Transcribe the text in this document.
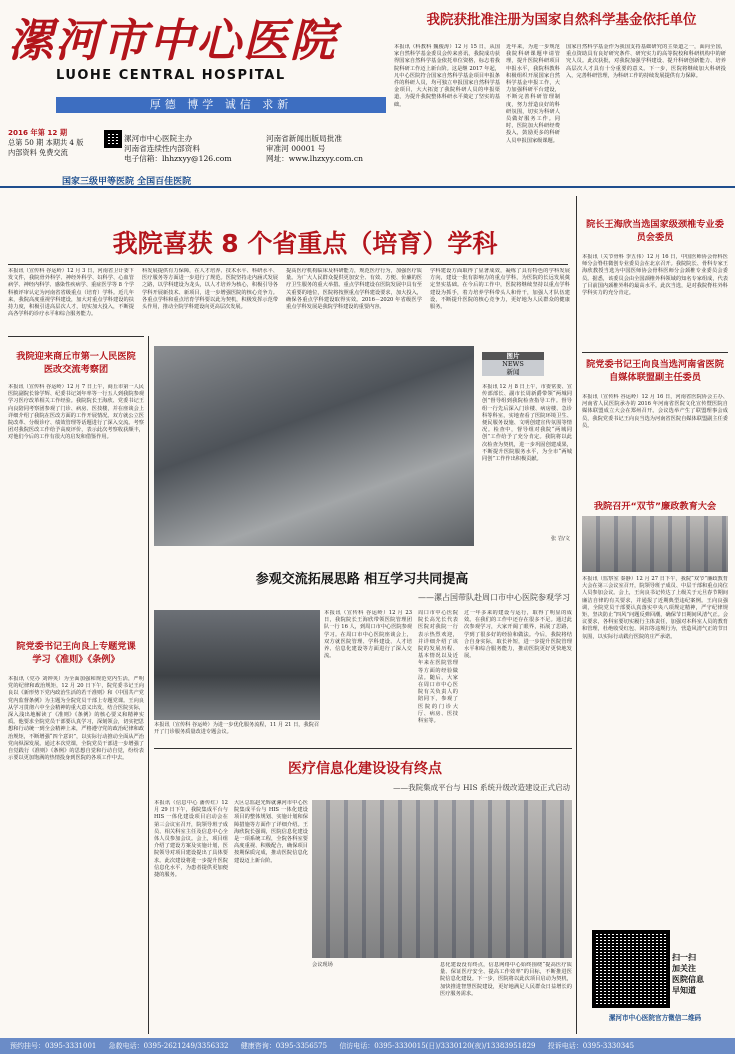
漯河市中心医院
LUOHE CENTRAL HOSPITAL
厚德 博学 诚信 求新
2016 年第 12 期
总第 50 期 本期共 4 版
内部资料 免费交流
漯河市中心医院主办
河南省连续性内部资料
电子信箱：lhhzxyy@126.com
河南省新闻出版局批准
审准河 00001 号
网址：www.lhzxyy.com.cn
我院获批准注册为国家自然科学基金依托单位
本报讯（科教科 魏俊涛）12 月 15 日，从国家自然科学基金委员会传来喜讯，我院成功获得国家自然科学基金依托单位资格，标志着我院科研工作迈上新台阶。这是继 2017 年起，凡中心医院符合国家自然科学基金项目申报条件的科研人员，均可独立申报国家自然科学基金项目，大大拓宽了我院科研人员的申报渠道，为提升我院整体科研水平奠定了坚实的基础。
近年来，为进一步规范我院科研课题申请管理，提升医院科研项目申报水平，我院科教科积极组织开展国家自然科学基金申报工作，大力加强科研平台建设，不断完善科研管理制度，努力营造良好的科研氛围，切实为科研人员做好服务工作。同时，医院加大科研经费投入，鼓励更多的科研人员申报国家级课题。
国家自然科学基金作为我国支持基础研究的主渠道之一，面向全国，重点资助具有良好研究条件、研究实力的高等院校和科研机构中的研究人员。此次获批，对我院加强学科建设、提升科研创新能力、培养高层次人才具有十分重要的意义。下一步，医院将继续加大科研投入，完善科研管理，为科研工作的持续发展提供有力保障。
国家三级甲等医院 全国百佳医院
我院喜获 8 个省重点（培育）学科
本报讯（宣传科 谷运岭）12 月 3 日，河南省卫计委下发文件，我院骨外科学、神经外科学、妇科学、心血管病学、神经内科学、感染性疾病学、重症医学等 8 个学科被评审认定为河南省省级重点（培育）学科。近几年来，我院高度重视学科建设，加大对重点学科建设的扶持力度，积极引进高层次人才，切实加大投入，不断提高各学科的诊疗水平和综合服务能力。
科发展提供有力保障，在人才培养、技术水平、科研水平、医疗服务等方面进一步进行了规范。医院坚持走内涵式发展之路，以学科建设为龙头，以人才培养为核心，积极引导各学科开展新技术、新项目，进一步增强医院的核心竞争力。各重点学科和重点培育学科要以此为契机，积极发挥示范带头作用，推动全院学科建设向更高层次发展。
提高医疗机构临床及科研能力，规范医疗行为，加强医疗质量。为广大人民群众提供更加安全、有效、方便、价廉的医疗卫生服务的重大举措。重点学科建设在医院发展中具有至关重要的地位，医院将按照重点学科建设要求，加大投入，确保各重点学科建设取得实效。2016－2020 年省级医学重点学科发展是我院学科建设的重要内容。
学科建设方面取得了显著成效，凝练了具有特色的学科发展方向，建设一批有影响力的重点学科，为医院的长远发展奠定坚实基础。在今后的工作中，医院将继续坚持以重点学科建设为抓手，着力培养学科带头人和骨干，加强人才队伍建设，不断提升医院的核心竞争力，更好地为人民群众的健康服务。
我院迎来商丘市第一人民医院医改交流考察团
本报讯（宣传科 谷运岭）12 月 7 日上午，商丘市第一人民医院副院长徐学辉、纪委书记刘年率等一行五人到我院参观学习医疗改革相关工作经验。我院院长王海欣、党委书记王向良陪同考察团参观了门诊、病房、医技楼，并在座谈会上详细介绍了我院在医改方面的工作开展情况。双方就公立医院改革、分级诊疗、绩效管理等话题进行了深入交流。考察团对我院医改工作给予高度评价，表示此次考察收获颇丰，对他们今后的工作有很大的启发和借鉴作用。
院党委书记王向良上专题党课学习《准则》《条例》
本报讯（党办 刘钟英）为全面加强和规范党内生活，严明党的纪律和政治规矩，12 月 20 日下午，院党委书记王向良以《新形势下党内政治生活的若干准则》和《中国共产党党内监督条例》为主题为全院党员干部上专题党课。王向良从学习贯彻六中全会精神的重大意义出发，结合医院实际，深入浅出地解读了《准则》《条例》的核心要义和精神实质。他要求全院党员干部要认真学习，深刻领会，切实把思想和行动统一到全会精神上来，严格遵守党的政治纪律和政治规矩，不断增强“四个意识”，以实际行动推动全面从严治党向纵深发展。通过本次党课，全院党员干部进一步增强了自觉践行《准则》《条例》的思想自觉和行动自觉，纷纷表示要以更加饱满的热情投身到医院的各项工作中去。
图片
NEWS
新闻
本报讯 12 月 8 日上午，市委常委、宣传部部长、副市长周新爵带领“两城同创”督导组到我院检查指导工作。督导组一行先后深入门诊楼、病房楼、急诊科等科室，实地查看了医院环境卫生、便民服务设施、文明创建宣传氛围等情况。检查中，督导组对我院“两城同创”工作给予了充分肯定。我院将以此次检查为契机，进一步巩固创建成果，不断提升医院服务水平，为全市“两城同创”工作作出积极贡献。
张 岩/文
参观交流拓展思路 相互学习共同提高
——漯占国带队赴周口市中心医院参观学习
本报讯（宣传科 谷运岭）为进一步优化服务流程，11 月 21 日，我院召开了门诊服务质量改进专题会议。
本报讯（宣传科 谷运岭）12 月 23 日，我院院长王海欣带领医院管理团队一行 16 人，到周口市中心医院参观学习。在周口市中心医院座谈会上，双方就医院管理、学科建设、人才培养、信息化建设等方面进行了深入交流。
周口市中心医院院长高光长代表医院对我院一行表示热烈欢迎，并详细介绍了该院的发展历程、基本情况以及近年来在医院管理等方面的经验做法。随后，大家在周口市中心医院有关负责人的陪同下，参观了医院的门诊大厅、病房、医技科室等。
过一年多来的建设与运行，取得了明显的成效。在我们的工作中还存在很多不足。通过此次参观学习，大家开阔了眼界，拓展了思路，学到了很多好的经验和做法。今后，我院将结合自身实际，取长补短，进一步提升医院管理水平和综合服务能力，推动医院更好更快地发展。
医疗信息化建设设有终点
——我院集成平台与 HIS 系统升级改造建设正式启动
本报讯（信息中心 潘传红）12 月 29 日下午，我院集成平台与 HIS 一体化建设项目启动会在第三会议室召开，院领导班子成员、相关科室主任及信息中心全体人员参加会议。会上，项目组介绍了建设方案及实施计划，医院领导对项目建设提出了具体要求。此次建设将进一步提升医院信息化水平，为患者提供更加便捷的服务。
大区总监赵光辉就漯河市中心医院集成平台与 HIS 一体化建设项目的整体规划、实施计划和保障措施等方面作了详细介绍。王海欣院长强调，医院信息化建设是一项系统工程，全院各科室要高度重视、积极配合，确保项目按期保质完成，推动医院信息化建设迈上新台阶。
息化建设没有终点，信息网络中心始终围绕“提高医疗质量、保证医疗安全、提高工作效率”的目标，不断推进医院信息化建设。下一步，医院将以此次项目启动为契机，加快推进智慧医院建设，更好地满足人民群众日益增长的医疗服务需求。
会议现场
院长王海欣当选国家级颈椎专业委员会委员
本报讯（关节骨科 李五伟）12 月 16 日，中国医师协会骨科医师分会脊柱微创专业委员会在北京召开。我院院长、骨科专家王海欣教授当选为中国医师协会骨科医师分会颈椎专业委员会委员。据悉，该委员会由全国颈椎外科领域的知名专家组成，代表了目前国内颈椎外科的最高水平。此次当选，是对我院脊柱外科学科实力的充分肯定。
院党委书记王向良当选河南省医院自媒体联盟副主任委员
本报讯（宣传科 谷运岭）12 月 16 日，河南省医院协会主办、河南省人民医院承办的 2016 年河南省医院文化宣传暨医院自媒体联盟成立大会在郑州召开。会议选举产生了联盟理事会成员，我院党委书记王向良当选为河南省医院自媒体联盟副主任委员。
我院召开“双节”廉政教育大会
本报讯（监察室 秦静）12 月 27 日下午，我院“双节”廉政教育大会在第三会议室召开，院领导班子成员、中层干部和重点岗位人员参加会议。会上，王向良书记传达了上级关于元旦春节期间廉洁自律的有关要求，并通报了近期典型违纪案例。王向良强调，全院党员干部要认真落实中央八项规定精神，严守纪律规矩，坚决防止“四风”问题反弹回潮，确保节日期间风清气正。会议要求，各科室要切实履行主体责任，加强对本科室人员的教育和管理，杜绝收受红包、回扣等违规行为，营造风清气正的节日氛围，以实际行动践行医院的庄严承诺。
扫一扫
加关注
医院信息
早知道
漯河市中心医院官方微信二维码
预约挂号：0395-3331001 急救电话：0395-2621249/3356332 健康咨询：0395-3356575 信访电话：0395-3330015(日)/3330120(夜)/13383951829 投诉电话：0395-3330345
